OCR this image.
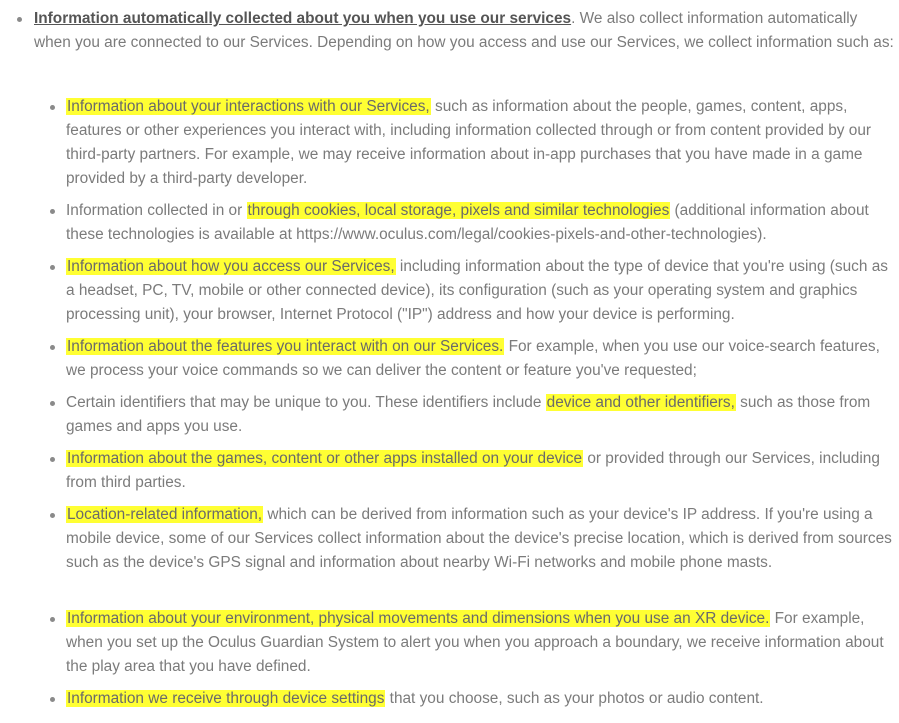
Information automatically collected about you when you use our services. We also collect information automatically when you are connected to our Services. Depending on how you access and use our Services, we collect information such as:
Information about your interactions with our Services, such as information about the people, games, content, apps, features or other experiences you interact with, including information collected through or from content provided by our third-party partners. For example, we may receive information about in-app purchases that you have made in a game provided by a third-party developer.
Information collected in or through cookies, local storage, pixels and similar technologies (additional information about these technologies is available at https://www.oculus.com/legal/cookies-pixels-and-other-technologies).
Information about how you access our Services, including information about the type of device that you're using (such as a headset, PC, TV, mobile or other connected device), its configuration (such as your operating system and graphics processing unit), your browser, Internet Protocol ("IP") address and how your device is performing.
Information about the features you interact with on our Services. For example, when you use our voice-search features, we process your voice commands so we can deliver the content or feature you've requested;
Certain identifiers that may be unique to you. These identifiers include device and other identifiers, such as those from games and apps you use.
Information about the games, content or other apps installed on your device or provided through our Services, including from third parties.
Location-related information, which can be derived from information such as your device's IP address. If you're using a mobile device, some of our Services collect information about the device's precise location, which is derived from sources such as the device's GPS signal and information about nearby Wi-Fi networks and mobile phone masts.
Information about your environment, physical movements and dimensions when you use an XR device. For example, when you set up the Oculus Guardian System to alert you when you approach a boundary, we receive information about the play area that you have defined.
Information we receive through device settings that you choose, such as your photos or audio content.
